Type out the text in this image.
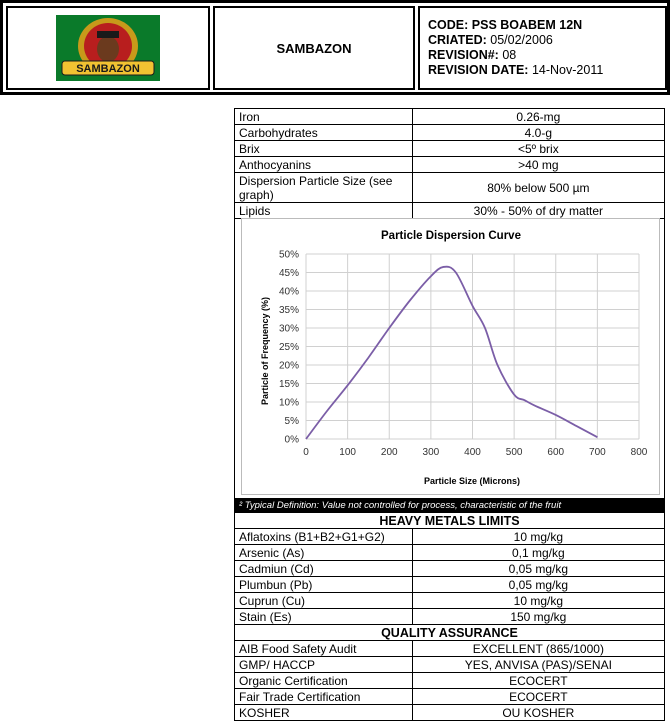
SAMBAZON
SAMBAZON
CODE: PSS BOABEM 12N
CRIATED: 05/02/2006
REVISION#: 08
REVISION DATE: 14-Nov-2011
Iron	0.26-mg
Carbohydrates	4.0-g
Brix	<5º brix
Anthocyanins	>40 mg
Dispersion Particle Size (see graph)	80% below 500 µm
Lipids	30% - 50% of dry matter
Particle Dispersion Curve
Particle Size (Microns)
Particle of Frequency (%)
0	100 200 300 400 500 600 700 800
0%
5%
10%
15%
20%
25%
30%
35%
40%
45%
50%
² Typical Definition: Value not controlled for process, characteristic of the fruit	
HEAVY METALS LIMITS	
Aflatoxins (B1+B2+G1+G2)	10 mg/kg
Arsenic (As)	0,1 mg/kg
Cadmiun (Cd)	0,05 mg/kg
Plumbun (Pb)	0,05 mg/kg
Cuprun (Cu)	10 mg/kg
Stain (Es)	150 mg/kg
QUALITY ASSURANCE	
AIB Food Safety Audit	EXCELLENT (865/1000)
GMP/ HACCP	YES, ANVISA (PAS)/SENAI
Organic Certification	ECOCERT
Fair Trade Certification	ECOCERT
KOSHER	OU KOSHER
